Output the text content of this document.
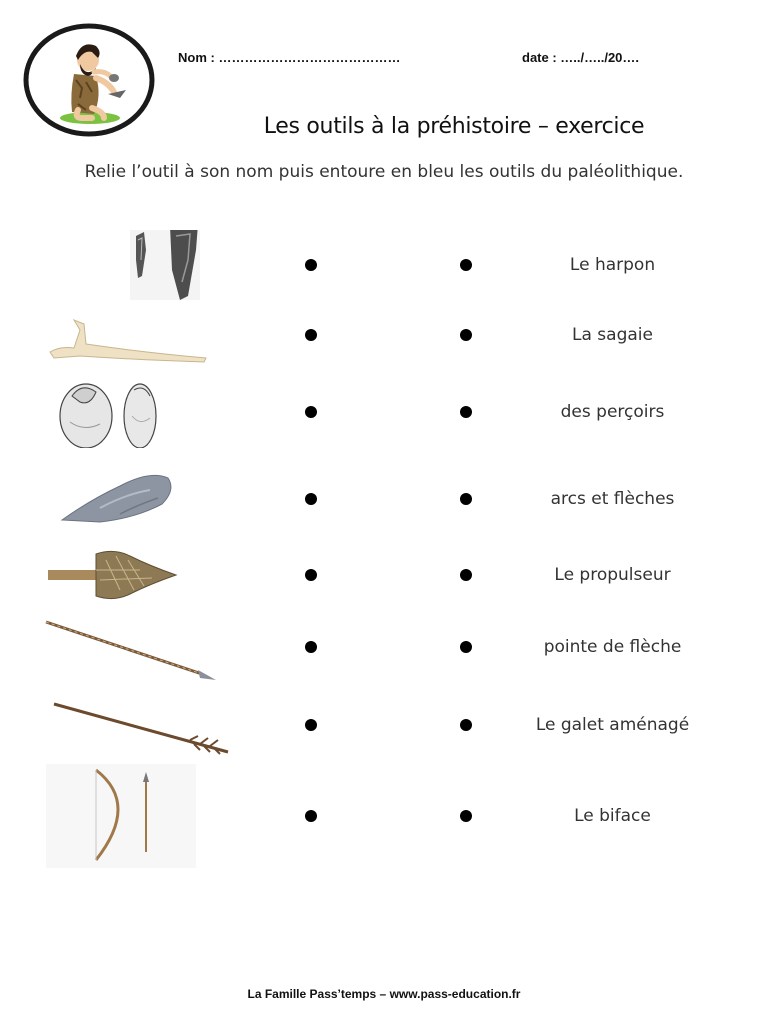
Nom : ……………………………………	date : …../…../20….
Les outils à la préhistoire – exercice
Relie l’outil à son nom puis entoure en bleu les outils du paléolithique.
Le harpon
La sagaie
des perçoirs
arcs et flèches
Le propulseur
pointe de flèche
Le galet aménagé
Le biface
La Famille Pass’temps – www.pass-education.fr
